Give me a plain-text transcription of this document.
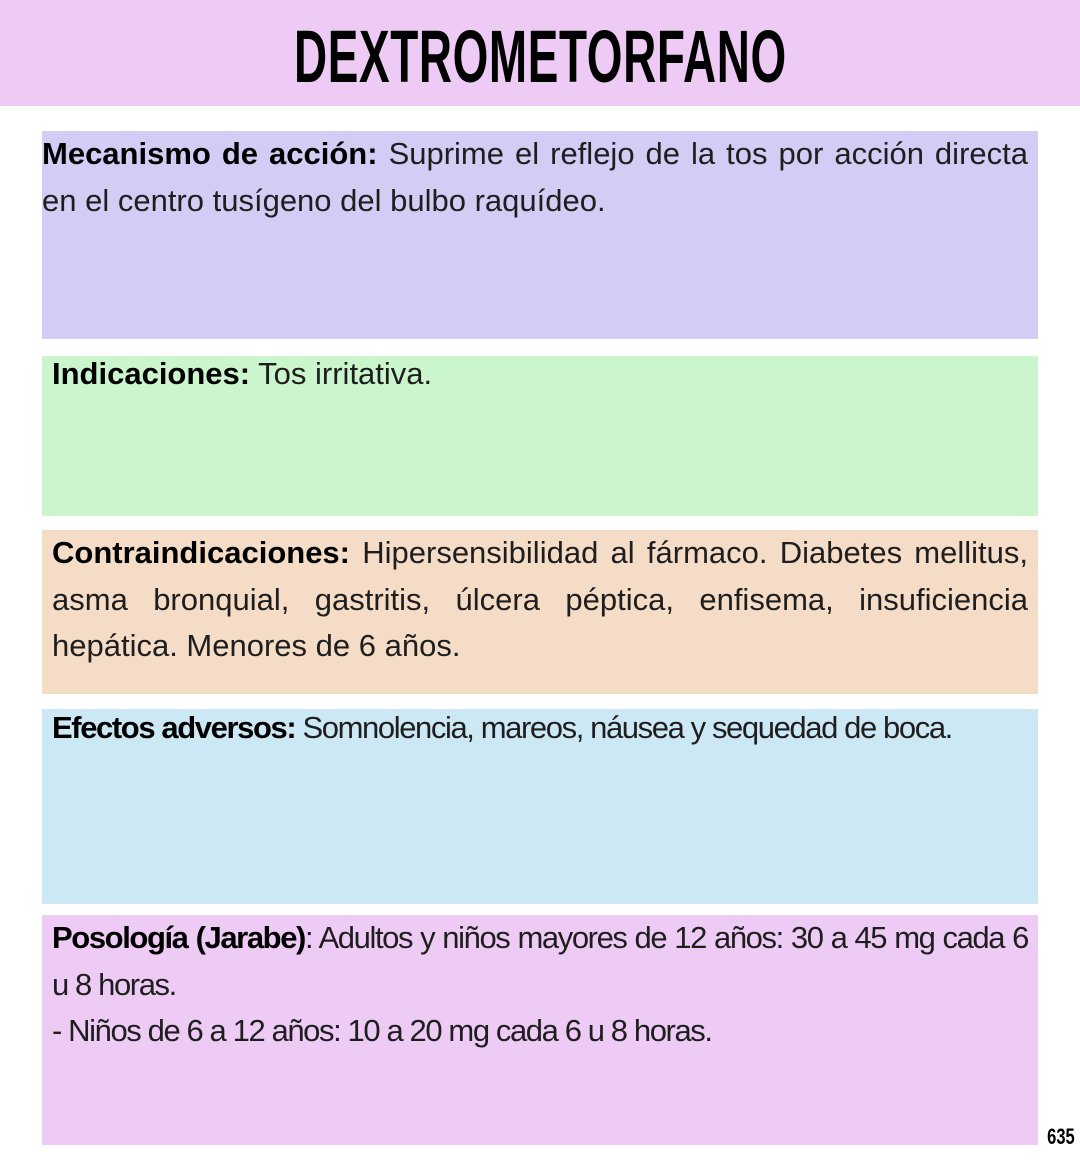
DEXTROMETORFANO

Mecanismo de acción: Suprime el reflejo de la tos por acción directa en el centro tusígeno del bulbo raquídeo.

Indicaciones: Tos irritativa.

Contraindicaciones: Hipersensibilidad al fármaco. Diabetes mellitus, asma bronquial, gastritis, úlcera péptica, enfisema, insuficiencia hepática. Menores de 6 años.

Efectos adversos: Somnolencia, mareos, náusea y sequedad de boca.

Posología (Jarabe): Adultos y niños mayores de 12 años: 30 a 45 mg cada 6 u 8 horas.

- Niños de 6 a 12 años: 10 a 20 mg cada 6 u 8 horas.

635
